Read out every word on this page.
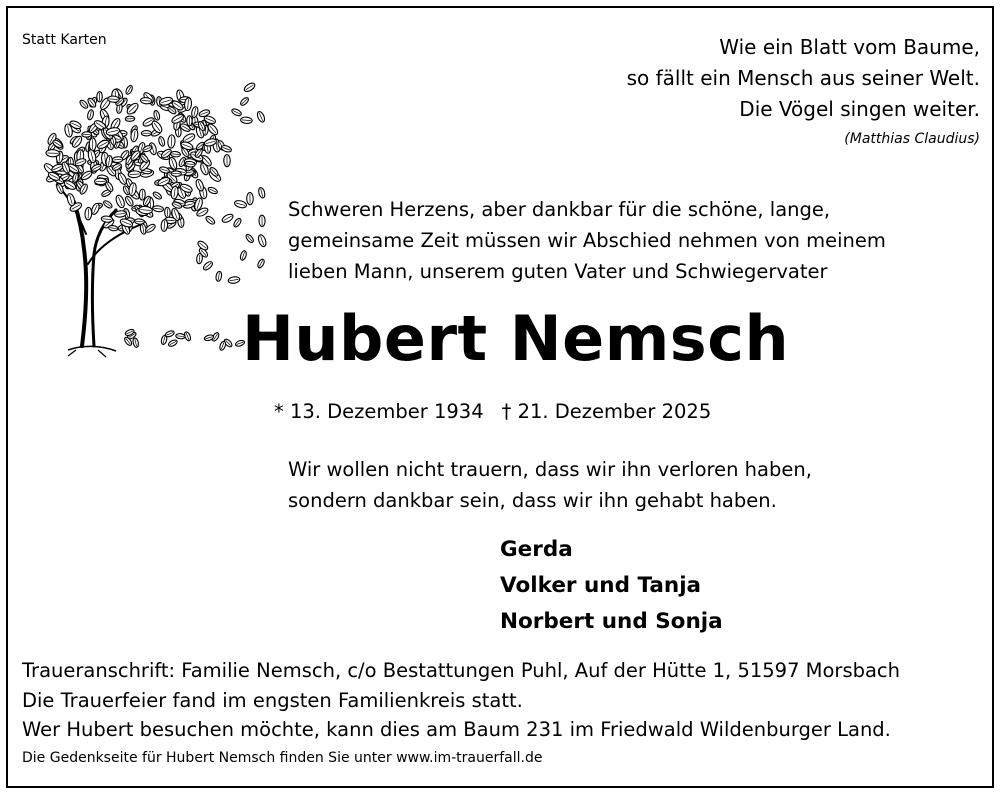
Statt Karten	Wie ein Blatt vom Baume,
so fällt ein Mensch aus seiner Welt.
Die Vögel singen weiter.
(Matthias Claudius)
Schweren Herzens, aber dankbar für die schöne, lange,
gemeinsame Zeit müssen wir Abschied nehmen von meinem
lieben Mann, unserem guten Vater und Schwiegervater
Hubert Nemsch
* 13. Dezember 1934 † 21. Dezember 2025
Wir wollen nicht trauern, dass wir ihn verloren haben,
sondern dankbar sein, dass wir ihn gehabt haben.
Gerda
Volker und Tanja
Norbert und Sonja
Traueranschrift: Familie Nemsch, c/o Bestattungen Puhl, Auf der Hütte 1, 51597 Morsbach
Die Trauerfeier fand im engsten Familienkreis statt.
Wer Hubert besuchen möchte, kann dies am Baum 231 im Friedwald Wildenburger Land.
Die Gedenkseite für Hubert Nemsch finden Sie unter www.im-trauerfall.de
